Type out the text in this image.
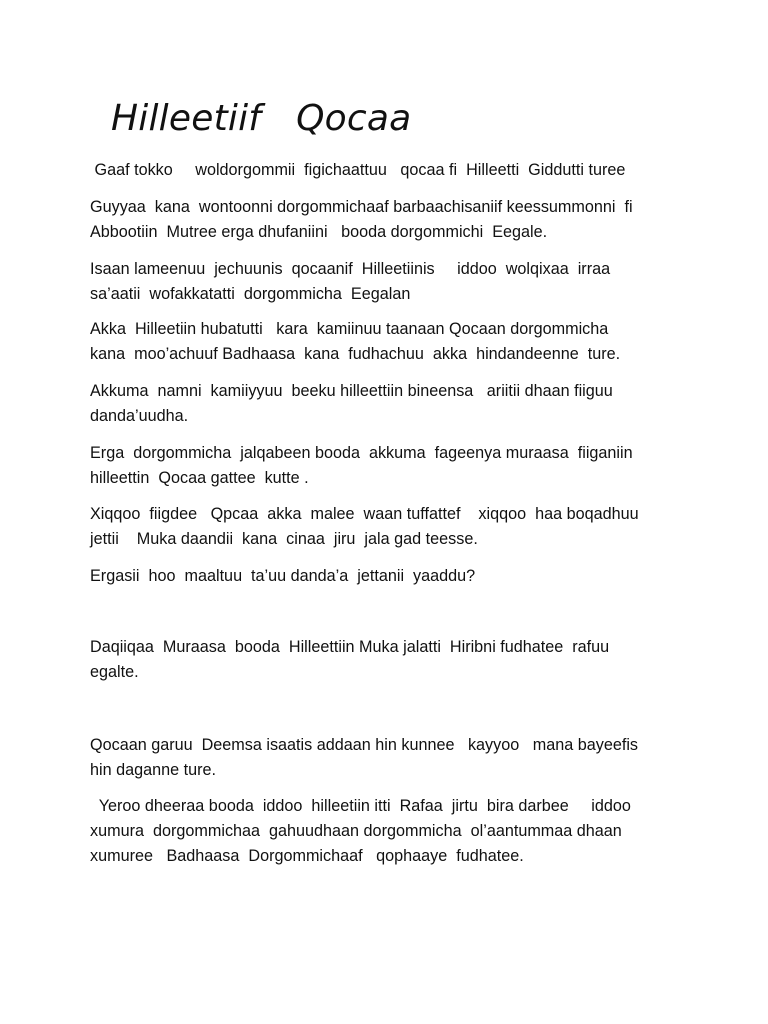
Hilleetiif   Qocaa

Gaaf tokko     woldorgommii  figichaattuu   qocaa fi  Hilleetti  Giddutti turee

Guyyaa  kana  wontoonni dorgommichaaf barbaachisaniif keessummonni  fi
Abbootiin  Mutree erga dhufaniini   booda dorgommichi  Eegale.

Isaan lameenuu  jechuunis  qocaanif  Hilleetiinis     iddoo  wolqixaa  irraa
sa’aatii  wofakkatatti  dorgommicha  Eegalan

Akka  Hilleetiin hubatutti   kara  kamiinuu taanaan Qocaan dorgommicha
kana  moo’achuuf Badhaasa  kana  fudhachuu  akka  hindandeenne  ture.

Akkuma  namni  kamiiyyuu  beeku hilleettiin bineensa   ariitii dhaan fiiguu
danda’uudha.

Erga  dorgommicha  jalqabeen booda  akkuma  fageenya muraasa  fiiganiin
hilleettin  Qocaa gattee  kutte .

Xiqqoo  fiigdee   Qpcaa  akka  malee  waan tuffattef    xiqqoo  haa boqadhuu
jettii    Muka daandii  kana  cinaa  jiru  jala gad teesse.

Ergasii  hoo  maaltuu  ta’uu danda’a  jettanii  yaaddu?

Daqiiqaa  Muraasa  booda  Hilleettiin Muka jalatti  Hiribni fudhatee  rafuu
egalte.

Qocaan garuu  Deemsa isaatis addaan hin kunnee   kayyoo   mana bayeefis
hin daganne ture.

Yeroo dheeraa booda  iddoo  hilleetiin itti  Rafaa  jirtu  bira darbee     iddoo
xumura  dorgommichaa  gahuudhaan dorgommicha  ol’aantummaa dhaan
xumuree   Badhaasa  Dorgommichaaf   qophaaye  fudhatee.
